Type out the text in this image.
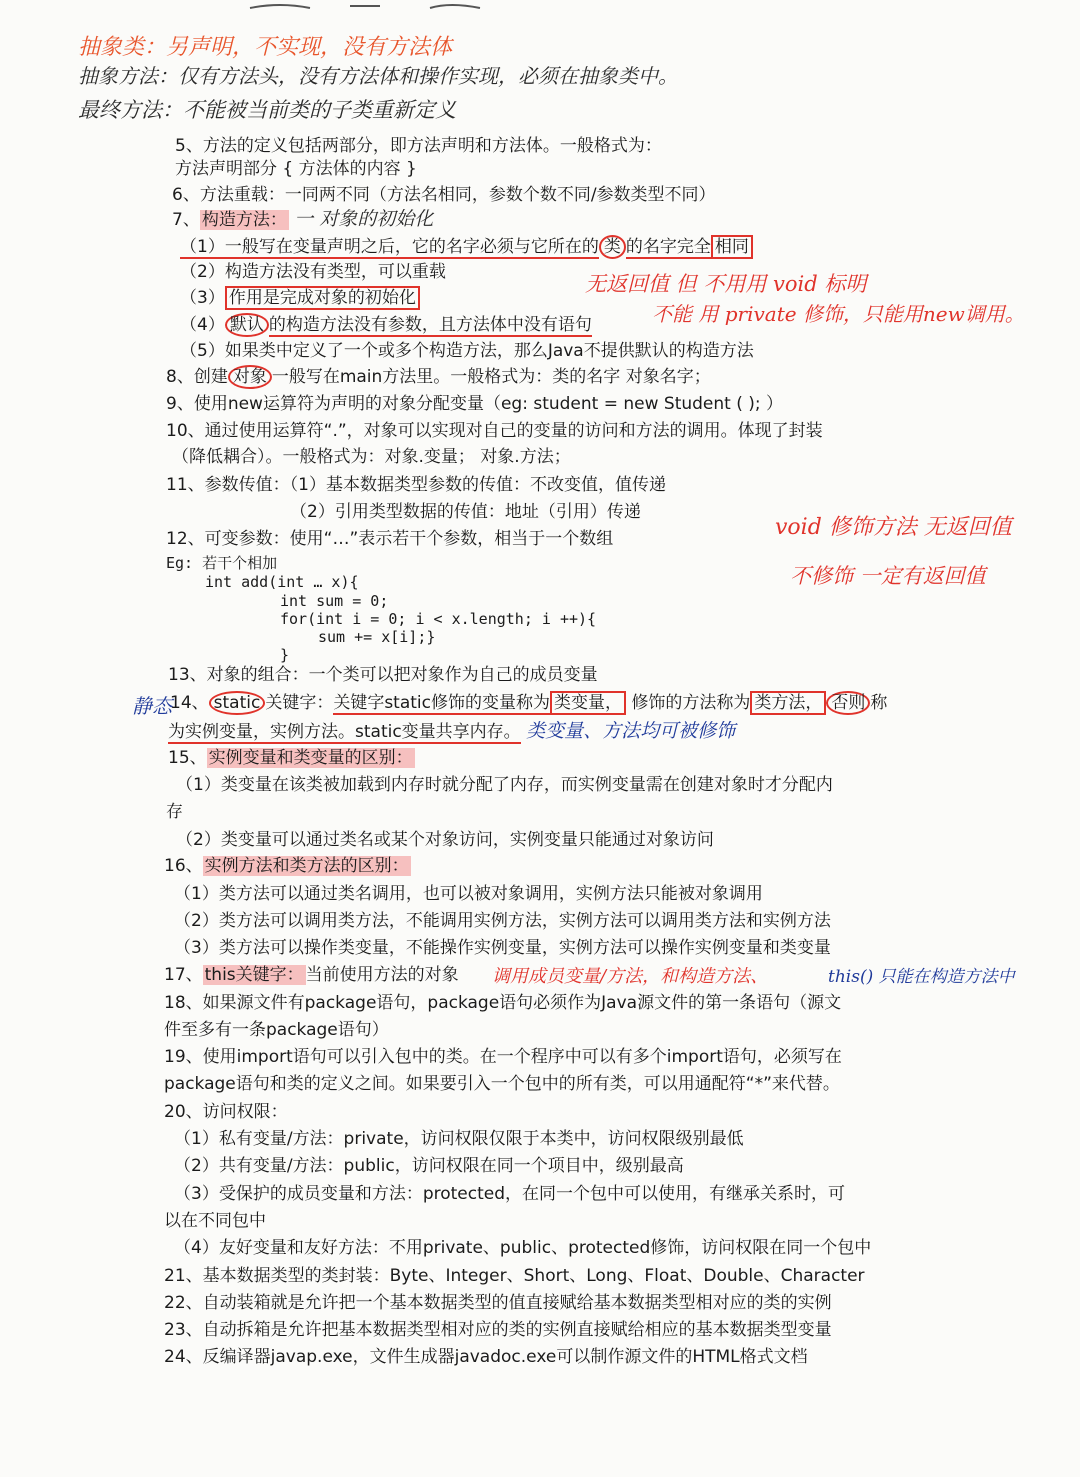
抽象类：另声明，不实现，没有方法体
抽象方法：仅有方法头，没有方法体和操作实现，必须在抽象类中。
最终方法：不能被当前类的子类重新定义
5、方法的定义包括两部分，即方法声明和方法体。一般格式为：
方法声明部分 { 方法体的内容 }
6、方法重载：一同两不同（方法名相同，参数个数不同/参数类型不同）
7、 构造方法： 一 对象的初始化
（1）一般写在变量声明之后，它的名字必须与它所在的 类 的名字完全 相同
（2）构造方法没有类型，可以重载	无返回值 但 不用用 void 标明
（3） 作用是完成对象的初始化
不能 用 private 修饰，只能用new调用。
（4） 默认 的构造方法没有参数，且方法体中没有语句
（5）如果类中定义了一个或多个构造方法，那么Java不提供默认的构造方法
8、创建 对象 一般写在main方法里。一般格式为：类的名字 对象名字；
9、使用new运算符为声明的对象分配变量（eg: student = new Student ( ); ）
10、通过使用运算符“.”，对象可以实现对自己的变量的访问和方法的调用。体现了封装
（降低耦合）。一般格式为：对象.变量； 对象.方法；
11、参数传值：（1）基本数据类型参数的传值：不改变值，值传递
（2）引用类型数据的传值：地址（引用）传递
void 修饰方法 无返回值
12、可变参数：使用“…”表示若干个参数，相当于一个数组
不修饰 一定有返回值
Eg: 若干个相加
int add(int … x){
int sum = 0;
for(int i = 0; i < x.length; i ++){
sum += x[i];}
}
13、对象的组合：一个类可以把对象作为自己的成员变量
静态
14、 static 关键字：关键字static修饰的变量称为 类变量， 修饰的方法称为 类方法， 否则 称
为实例变量，实例方法。static变量共享内存。 类变量、方法均可被修饰
15、 实例变量和类变量的区别：
（1）类变量在该类被加载到内存时就分配了内存，而实例变量需在创建对象时才分配内
存
（2）类变量可以通过类名或某个对象访问，实例变量只能通过对象访问
16、 实例方法和类方法的区别：
（1）类方法可以通过类名调用，也可以被对象调用，实例方法只能被对象调用
（2）类方法可以调用类方法，不能调用实例方法，实例方法可以调用类方法和实例方法
（3）类方法可以操作类变量，不能操作实例变量，实例方法可以操作实例变量和类变量
17、 this关键字： 当前使用方法的对象 调用成员变量/方法，和构造方法、	this() 只能在构造方法中
18、如果源文件有package语句，package语句必须作为Java源文件的第一条语句（源文
件至多有一条package语句）
19、使用import语句可以引入包中的类。在一个程序中可以有多个import语句，必须写在
package语句和类的定义之间。如果要引入一个包中的所有类，可以用通配符“*”来代替。
20、访问权限：
（1）私有变量/方法：private，访问权限仅限于本类中，访问权限级别最低
（2）共有变量/方法：public，访问权限在同一个项目中，级别最高
（3）受保护的成员变量和方法：protected，在同一个包中可以使用，有继承关系时，可
以在不同包中
（4）友好变量和友好方法：不用private、public、protected修饰，访问权限在同一个包中
21、基本数据类型的类封装：Byte、Integer、Short、Long、Float、Double、Character
22、自动装箱就是允许把一个基本数据类型的值直接赋给基本数据类型相对应的类的实例
23、自动拆箱是允许把基本数据类型相对应的类的实例直接赋给相应的基本数据类型变量
24、反编译器javap.exe，文件生成器javadoc.exe可以制作源文件的HTML格式文档
